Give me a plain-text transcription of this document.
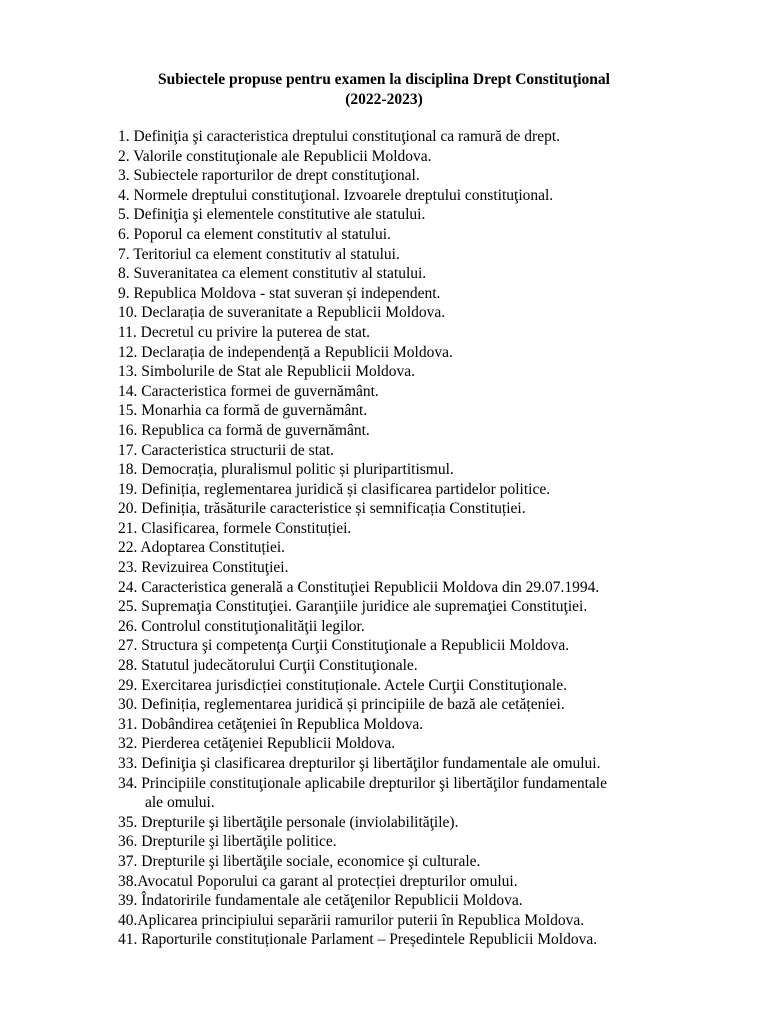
Subiectele propuse pentru examen la disciplina Drept Constituţional
(2022-2023)
1. Definiţia şi caracteristica dreptului constituţional ca ramură de drept.
2. Valorile constituţionale ale Republicii Moldova.
3. Subiectele raporturilor de drept constituţional.
4. Normele dreptului constituţional. Izvoarele dreptului constituţional.
5. Definiţia şi elementele constitutive ale statului.
6. Poporul ca element constitutiv al statului.
7. Teritoriul ca element constitutiv al statului.
8. Suveranitatea ca element constitutiv al statului.
9. Republica Moldova - stat suveran și independent.
10. Declarația de suveranitate a Republicii Moldova.
11. Decretul cu privire la puterea de stat.
12. Declarația de independență a Republicii Moldova.
13. Simbolurile de Stat ale Republicii Moldova.
14. Caracteristica formei de guvernământ.
15. Monarhia ca formă de guvernământ.
16. Republica ca formă de guvernământ.
17. Caracteristica structurii de stat.
18. Democrația, pluralismul politic și pluripartitismul.
19. Definiția, reglementarea juridică și clasificarea partidelor politice.
20. Definiția, trăsăturile caracteristice și semnificația Constituției.
21. Clasificarea, formele Constituției.
22. Adoptarea Constituției.
23. Revizuirea Constituţiei.
24. Caracteristica generală a Constituţiei Republicii Moldova din 29.07.1994.
25. Supremaţia Constituţiei. Garanţiile juridice ale supremaţiei Constituţiei.
26. Controlul constituţionalităţii legilor.
27. Structura şi competenţa Curţii Constituţionale a Republicii Moldova.
28. Statutul judecătorului Curţii Constituţionale.
29. Exercitarea jurisdicției constituționale. Actele Curţii Constituţionale.
30. Definiția, reglementarea juridică și principiile de bază ale cetățeniei.
31. Dobândirea cetăţeniei în Republica Moldova.
32. Pierderea cetăţeniei Republicii Moldova.
33. Definiţia şi clasificarea drepturilor şi libertăţilor fundamentale ale omului.
34. Principiile constituţionale aplicabile drepturilor şi libertăţilor fundamentale
ale omului.
35. Drepturile şi libertăţile personale (inviolabilităţile).
36. Drepturile şi libertăţile politice.
37. Drepturile şi libertăţile sociale, economice şi culturale.
38.Avocatul Poporului ca garant al protecției drepturilor omului.
39. Îndatoririle fundamentale ale cetăţenilor Republicii Moldova.
40.Aplicarea principiului separării ramurilor puterii în Republica Moldova.
41. Raporturile constituționale Parlament – Președintele Republicii Moldova.
